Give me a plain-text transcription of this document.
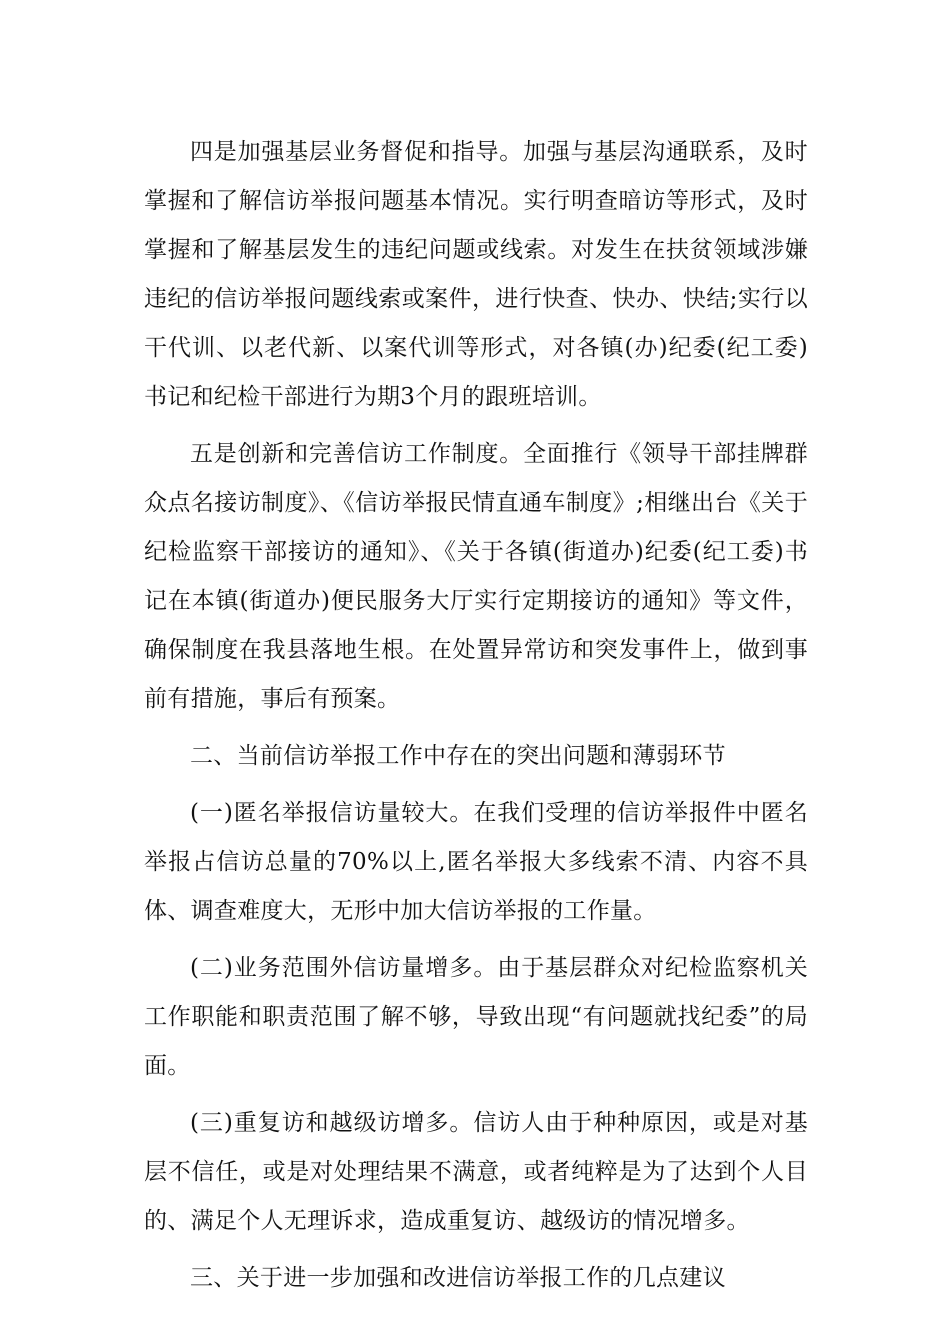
四是加强基层业务督促和指导。加强与基层沟通联系，及时掌握和了解信访举报问题基本情况。实行明查暗访等形式，及时掌握和了解基层发生的违纪问题或线索。对发生在扶贫领域涉嫌违纪的信访举报问题线索或案件，进行快查、快办、快结;实行以干代训、以老代新、以案代训等形式，对各镇(办)纪委(纪工委)书记和纪检干部进行为期3个月的跟班培训。

五是创新和完善信访工作制度。全面推行《领导干部挂牌群众点名接访制度》、《信访举报民情直通车制度》;相继出台《关于纪检监察干部接访的通知》、《关于各镇(街道办)纪委(纪工委)书记在本镇(街道办)便民服务大厅实行定期接访的通知》等文件，确保制度在我县落地生根。在处置异常访和突发事件上，做到事前有措施，事后有预案。

二、当前信访举报工作中存在的突出问题和薄弱环节

(一)匿名举报信访量较大。在我们受理的信访举报件中匿名举报占信访总量的70%以上,匿名举报大多线索不清、内容不具体、调查难度大，无形中加大信访举报的工作量。

(二)业务范围外信访量增多。由于基层群众对纪检监察机关工作职能和职责范围了解不够，导致出现“有问题就找纪委”的局面。

(三)重复访和越级访增多。信访人由于种种原因，或是对基层不信任，或是对处理结果不满意，或者纯粹是为了达到个人目的、满足个人无理诉求，造成重复访、越级访的情况增多。

三、关于进一步加强和改进信访举报工作的几点建议
